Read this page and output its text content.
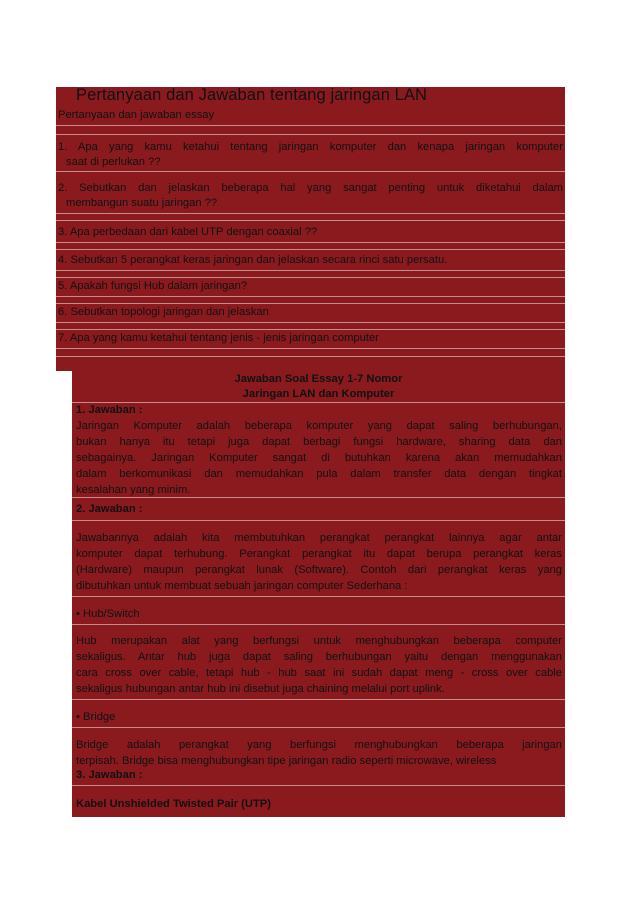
Pertanyaan dan Jawaban tentang jaringan LAN
Pertanyaan dan jawaban essay
1. Apa yang kamu ketahui tentang jaringan komputer dan kenapa jaringan komputer
saat di perlukan ??
2. Sebutkan dan jelaskan beberapa hal yang sangat penting untuk diketahui dalam
membangun suatu jaringan ??
3. Apa perbedaan dari kabel UTP dengan coaxial ??
4. Sebutkan 5 perangkat keras jaringan dan jelaskan secara rinci satu persatu.
5. Apakah fungsi Hub dalam jaringan?
6. Sebutkan topologi jaringan dan jelaskan
7. Apa yang kamu ketahui tentang jenis - jenis jaringan computer
Jawaban Soal Essay 1-7 Nomor
Jaringan LAN dan Komputer
1. Jawaban :
Jaringan Komputer adalah beberapa komputer yang dapat saling berhubungan,
bukan hanya itu tetapi juga dapat berbagi fungsi hardware, sharing data dan
sebagainya. Jaringan Komputer sangat di butuhkan karena akan memudahkan
dalam berkomunikasi dan memudahkan pula dalam transfer data dengan tingkat
kesalahan yang minim.
2. Jawaban :
Jawabannya adalah kita membutuhkan perangkat perangkat lainnya agar antar
komputer dapat terhubung. Perangkat perangkat itu dapat berupa perangkat keras
(Hardware) maupun perangkat lunak (Software). Contoh dari perangkat keras yang
dibutuhkan untuk membuat sebuah jaringan computer Sederhana :
• Hub/Switch
Hub merupakan alat yang berfungsi untuk menghubungkan beberapa computer
sekaligus. Antar hub juga dapat saling berhubungan yaitu dengan menggunakan
cara cross over cable, tetapi hub - hub saat ini sudah dapat meng - cross over cable
sekaligus hubungan antar hub ini disebut juga chaining melalui port uplink.
• Bridge
Bridge adalah perangkat yang berfungsi menghubungkan beberapa jaringan
terpisah. Bridge bisa menghubungkan tipe jaringan radio seperti microwave, wireless
3. Jawaban :
Kabel Unshielded Twisted Pair (UTP)
